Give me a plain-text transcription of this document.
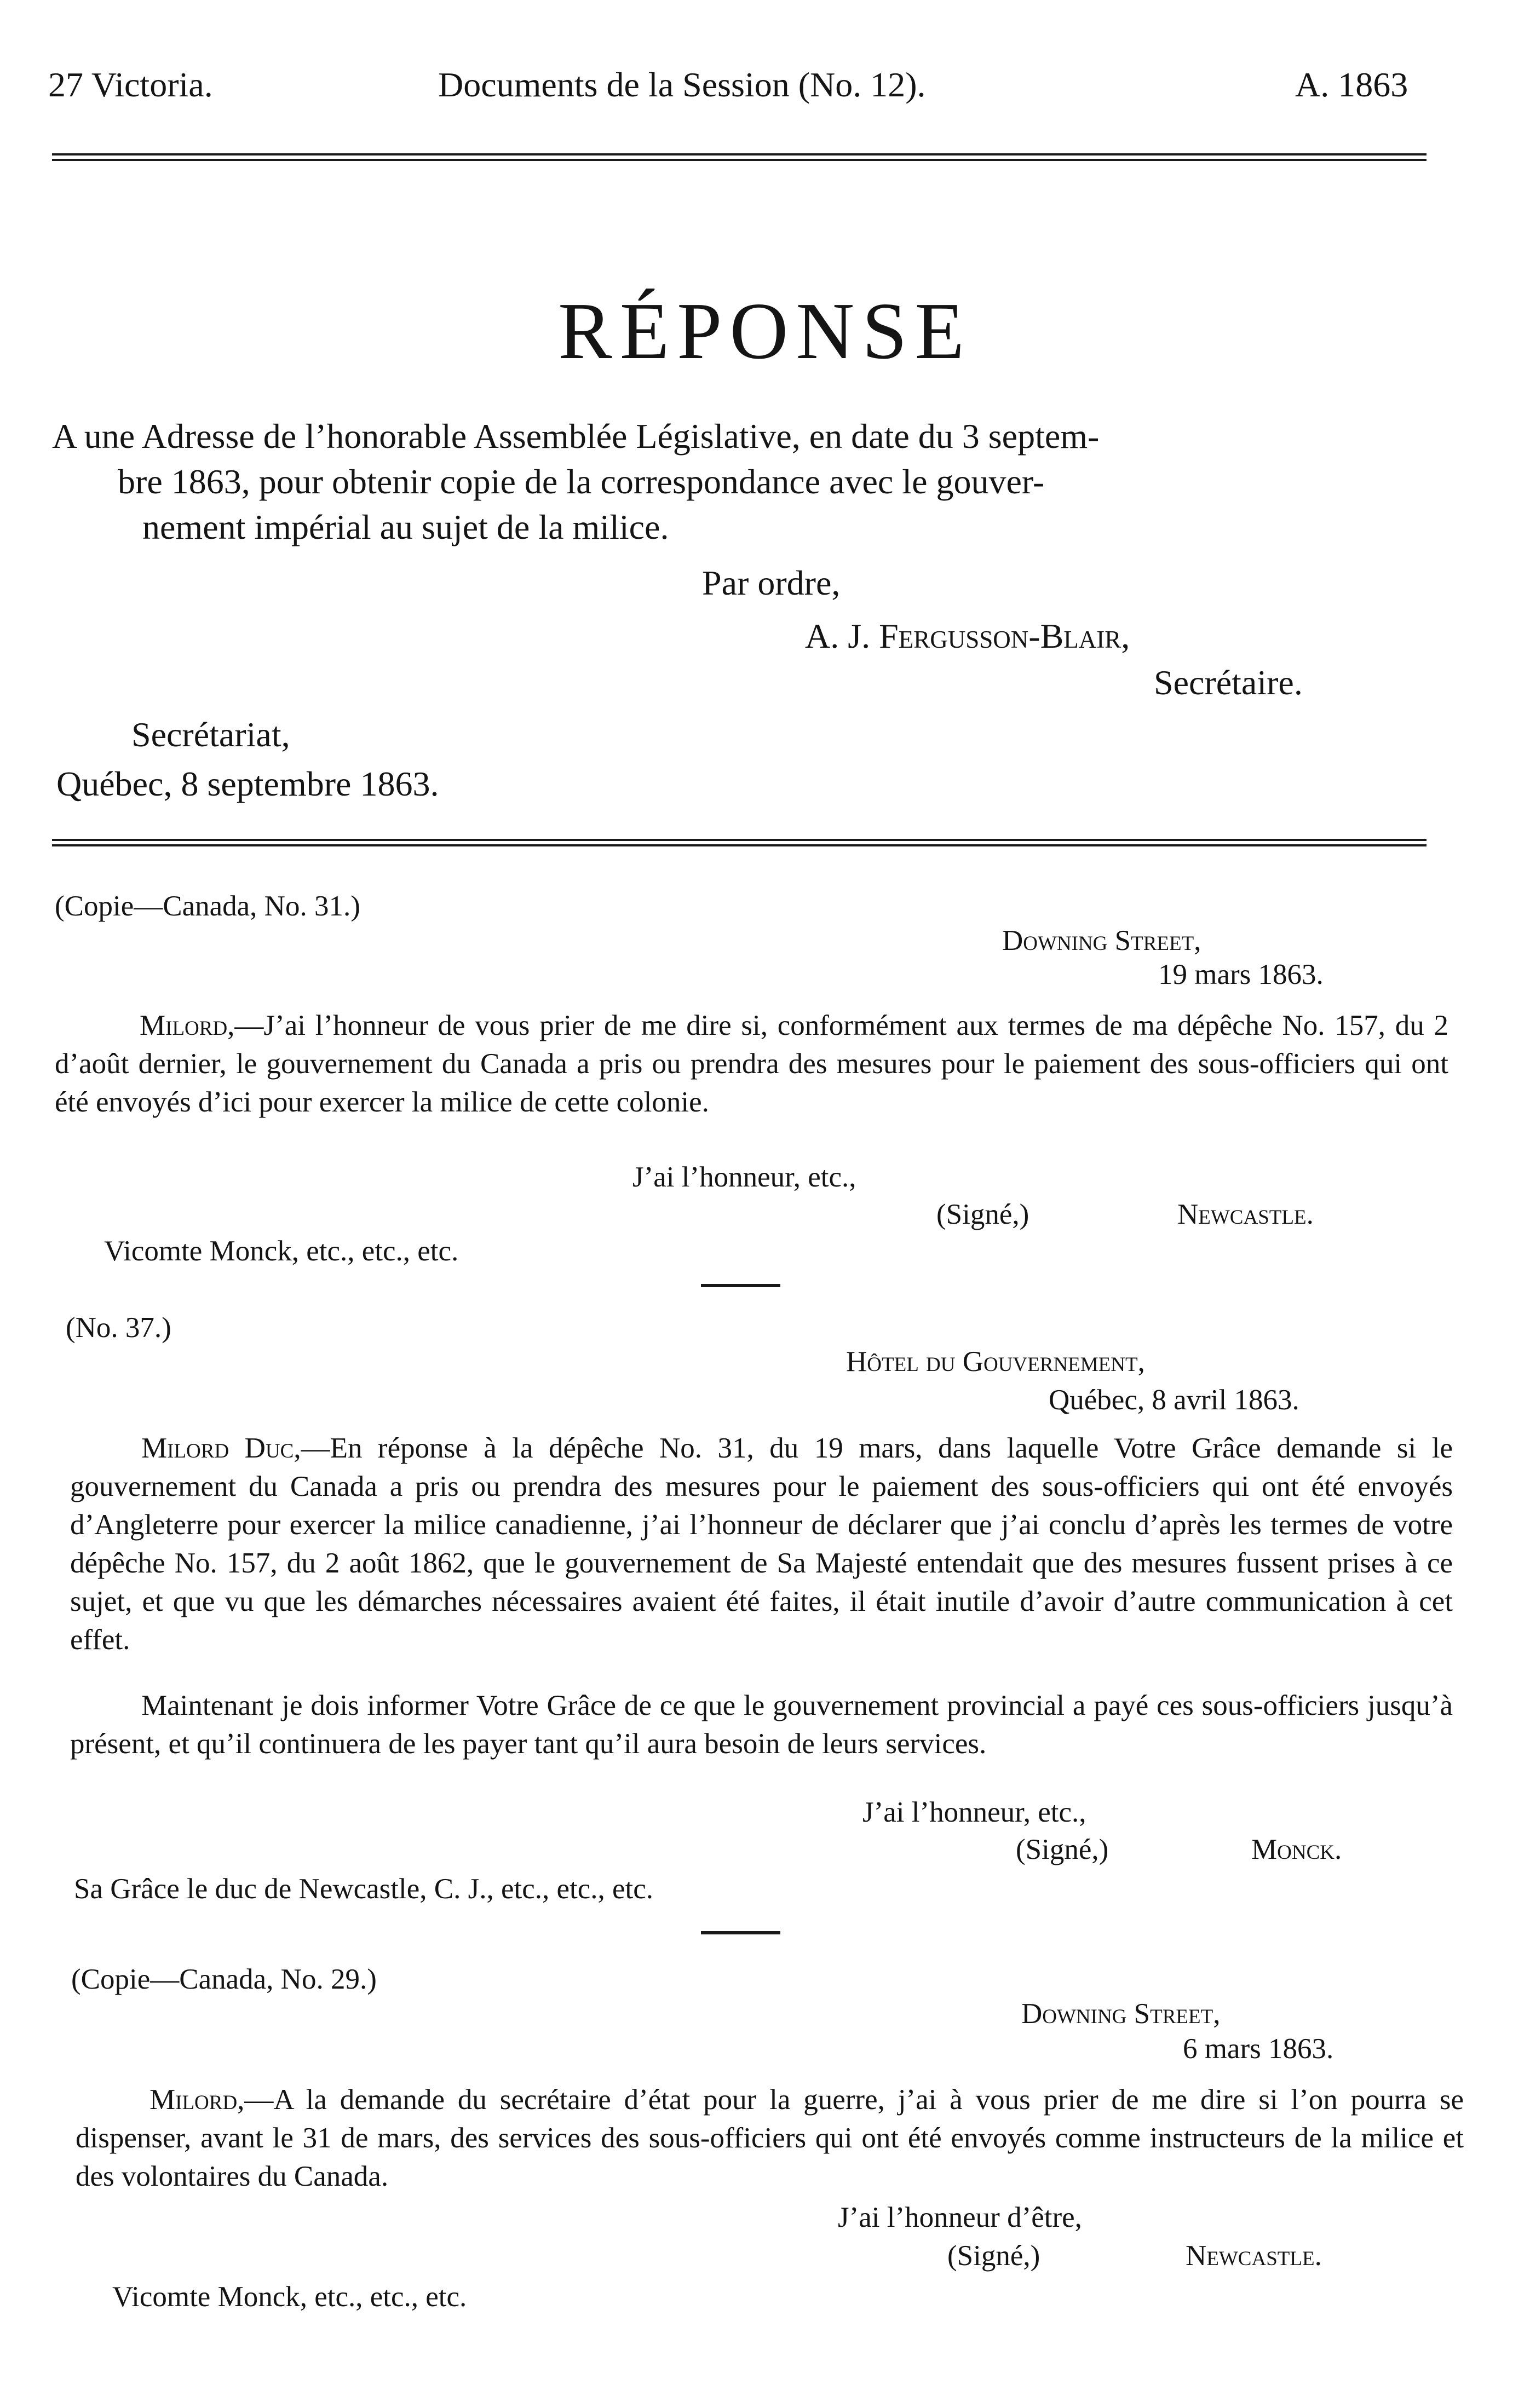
27 Victoria.	Documents de la Session (No. 12).	A. 1863
RÉPONSE
A une Adresse de l’honorable Assemblée Législative, en date du 3 septem-
bre 1863, pour obtenir copie de la correspondance avec le gouver-
nement impérial au sujet de la milice.
Par ordre,
A. J. Fergusson-Blair,
Secrétaire.
Secrétariat,
Québec, 8 septembre 1863.
(Copie—Canada, No. 31.)
Downing Street,
19 mars 1863.
Milord,—J’ai l’honneur de vous prier de me dire si, conformément aux termes de ma dépêche No. 157, du 2 d’août dernier, le gouvernement du Canada a pris ou prendra des mesures pour le paiement des sous-officiers qui ont été envoyés d’ici pour exercer la milice de cette colonie.
J’ai l’honneur, etc.,
(Signé,)	Newcastle.
Vicomte Monck, etc., etc., etc.
(No. 37.)
Hôtel du Gouvernement,
Québec, 8 avril 1863.
Milord Duc,—En réponse à la dépêche No. 31, du 19 mars, dans laquelle Votre Grâce demande si le gouvernement du Canada a pris ou prendra des mesures pour le paiement des sous-officiers qui ont été envoyés d’Angleterre pour exercer la milice canadienne, j’ai l’honneur de déclarer que j’ai conclu d’après les termes de votre dépêche No. 157, du 2 août 1862, que le gouvernement de Sa Majesté entendait que des mesures fussent prises à ce sujet, et que vu que les démarches nécessaires avaient été faites, il était inutile d’avoir d’autre communication à cet effet.
Maintenant je dois informer Votre Grâce de ce que le gouvernement provincial a payé ces sous-officiers jusqu’à présent, et qu’il continuera de les payer tant qu’il aura besoin de leurs services.
J’ai l’honneur, etc.,
(Signé,)	Monck.
Sa Grâce le duc de Newcastle, C. J., etc., etc., etc.
(Copie—Canada, No. 29.)
Downing Street,
6 mars 1863.
Milord,—A la demande du secrétaire d’état pour la guerre, j’ai à vous prier de me dire si l’on pourra se dispenser, avant le 31 de mars, des services des sous-officiers qui ont été envoyés comme instructeurs de la milice et des volontaires du Canada.
J’ai l’honneur d’être,
(Signé,)	Newcastle.
Vicomte Monck, etc., etc., etc.
